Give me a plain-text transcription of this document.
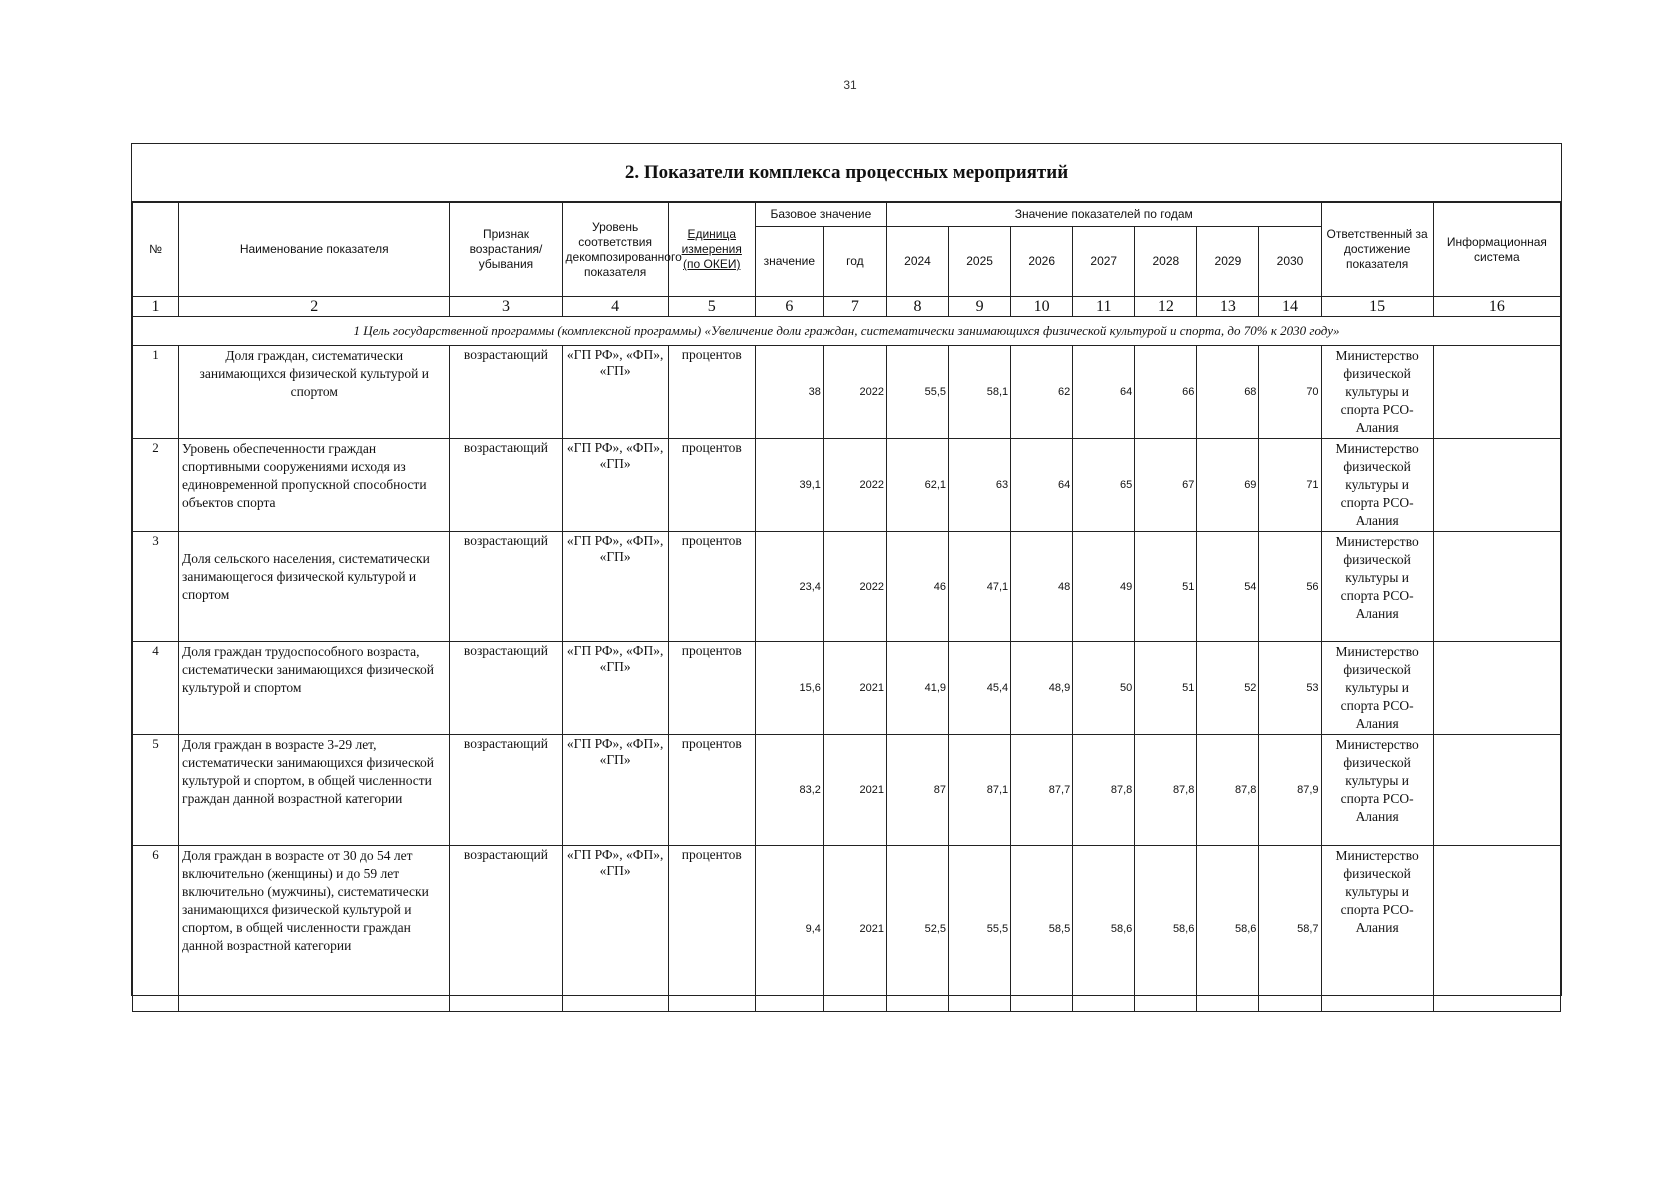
31
2. Показатели комплекса процессных мероприятий
№	Наименование показателя	Признак возрастания/убывания	Уровень соответствия декомпозированного показателя	Единица измерения (по ОКЕИ)	Базовое значение		Значение показателей по годам							Ответственный за достижение показателя	Информационная система
					значение	год	2024	2025	2026	2027	2028	2029	2030		
1	2	3	4	5	6	7	8	9	10	11	12	13	14	15	16
1 Цель государственной программы (комплексной программы) «Увеличение доли граждан, систематически занимающихся физической культурой и спорта, до 70% к 2030 году»															
1	Доля граждан, систематически занимающихся физической культурой и спортом	возрастающий	«ГП РФ», «ФП», «ГП»	процентов	38	2022	55,5	58,1	62	64	66	68	70	Министерство физической культуры и спорта РСО-Алания	
2	Уровень обеспеченности граждан спортивными сооружениями исходя из единовременной пропускной способности объектов спорта	возрастающий	«ГП РФ», «ФП», «ГП»	процентов	39,1	2022	62,1	63	64	65	67	69	71	Министерство физической культуры и спорта РСО-Алания	
3	Доля сельского населения, систематически занимающегося физической культурой и спортом	возрастающий	«ГП РФ», «ФП», «ГП»	процентов	23,4	2022	46	47,1	48	49	51	54	56	Министерство физической культуры и спорта РСО-Алания	
4	Доля граждан трудоспособного возраста, систематически занимающихся физической культурой и спортом	возрастающий	«ГП РФ», «ФП», «ГП»	процентов	15,6	2021	41,9	45,4	48,9	50	51	52	53	Министерство физической культуры и спорта РСО-Алания	
5	Доля граждан в возрасте 3-29 лет, систематически занимающихся физической культурой и спортом, в общей численности граждан данной возрастной категории	возрастающий	«ГП РФ», «ФП», «ГП»	процентов	83,2	2021	87	87,1	87,7	87,8	87,8	87,8	87,9	Министерство физической культуры и спорта РСО-Алания	
6	Доля граждан в возрасте от 30 до 54 лет включительно (женщины) и до 59 лет включительно (мужчины), систематически занимающихся физической культурой и спортом, в общей численности граждан данной возрастной категории	возрастающий	«ГП РФ», «ФП», «ГП»	процентов	9,4	2021	52,5	55,5	58,5	58,6	58,6	58,6	58,7	Министерство физической культуры и спорта РСО-Алания	
